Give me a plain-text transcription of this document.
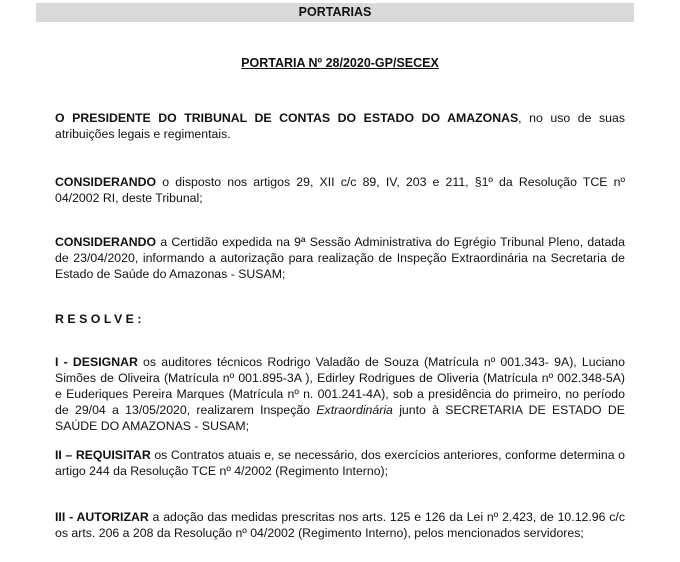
PORTARIAS
PORTARIA Nº 28/2020-GP/SECEX
O PRESIDENTE DO TRIBUNAL DE CONTAS DO ESTADO DO AMAZONAS, no uso de suas atribuições legais e regimentais.
CONSIDERANDO o disposto nos artigos 29, XII c/c 89, IV, 203 e 211, §1º da Resolução TCE nº 04/2002 RI, deste Tribunal;
CONSIDERANDO a Certidão expedida na 9ª Sessão Administrativa do Egrégio Tribunal Pleno, datada de 23/04/2020, informando a autorização para realização de Inspeção Extraordinária na Secretaria de Estado de Saúde do Amazonas - SUSAM;
RESOLVE:
I - DESIGNAR os auditores técnicos Rodrigo Valadão de Souza (Matrícula nº 001.343- 9A), Luciano Simões de Oliveira (Matrícula nº 001.895-3A ), Edirley Rodrigues de Oliveria (Matrícula nº 002.348-5A) e Euderiques Pereira Marques (Matrícula nº n. 001.241-4A), sob a presidência do primeiro, no período de 29/04 a 13/05/2020, realizarem Inspeção Extraordinária junto à SECRETARIA DE ESTADO DE SAÚDE DO AMAZONAS - SUSAM;
II – REQUISITAR os Contratos atuais e, se necessário, dos exercícios anteriores, conforme determina o artigo 244 da Resolução TCE nº 4/2002 (Regimento Interno);
III - AUTORIZAR a adoção das medidas prescritas nos arts. 125 e 126 da Lei nº 2.423, de 10.12.96 c/c os arts. 206 a 208 da Resolução nº 04/2002 (Regimento Interno), pelos mencionados servidores;
